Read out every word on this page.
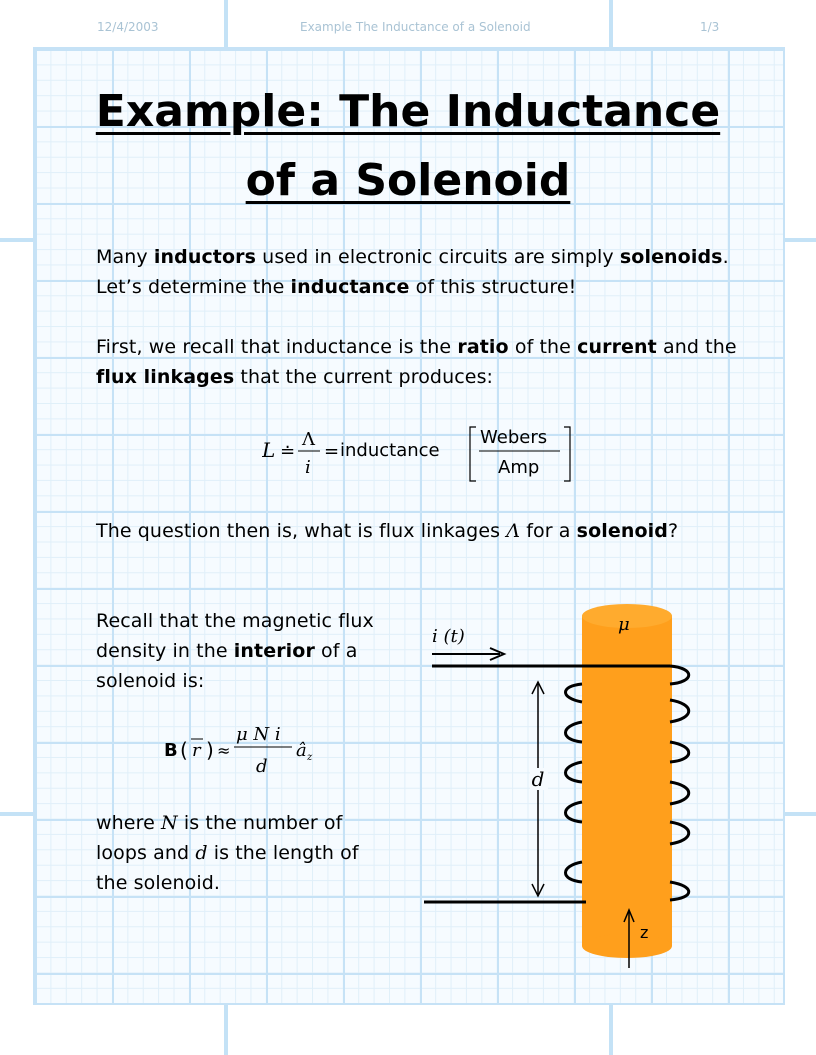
12/4/2003	Example The Inductance of a Solenoid	1/3
Example: The Inductance
of a Solenoid
Many inductors used in electronic circuits are simply solenoids. Let’s determine the inductance of this structure!
First, we recall that inductance is the ratio of the current and the flux linkages that the current produces:
L ≐
Λ
i
= inductance
Webers
Amp
The question then is, what is flux linkages Λ for a solenoid?
Recall that the magnetic flux density in the interior of a solenoid is:
B ( r ) ≈
μ N i
d
â z
where N is the number of loops and d is the length of the solenoid.
μ
i (t)
d
z
